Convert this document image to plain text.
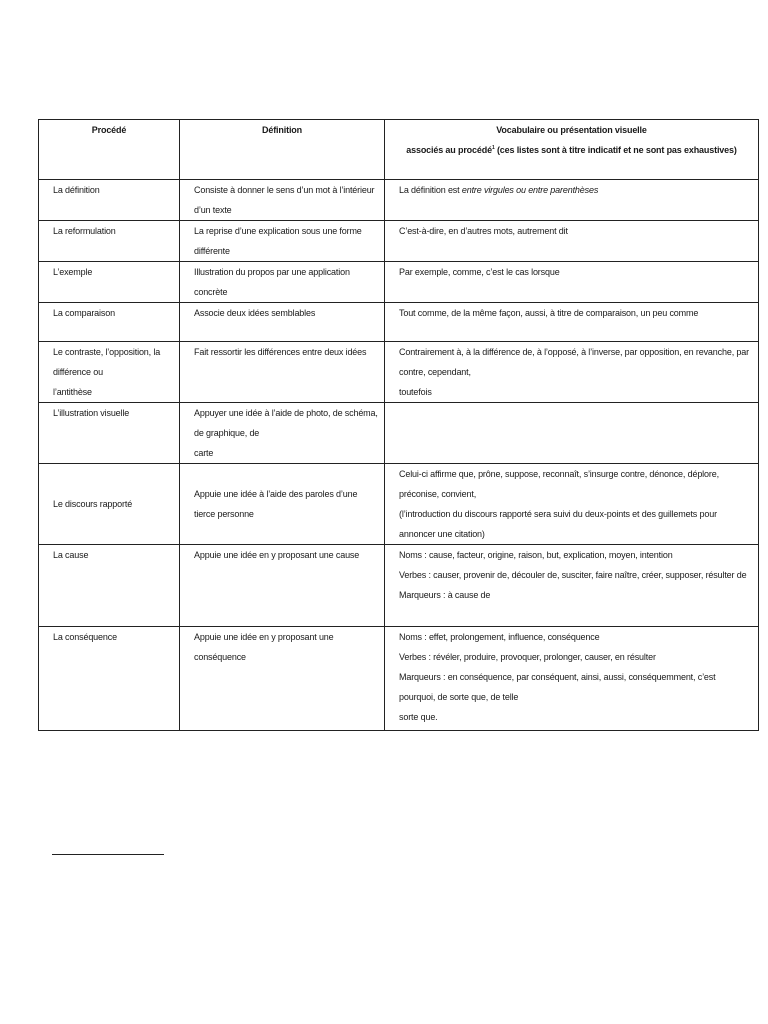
Procédé	Définition	Vocabulaire ou présentation visuelle
associés au procédé$^1$ (ces listes sont à titre indicatif et ne sont pas exhaustives)

La définition	Consiste à donner le sens d’un mot à l’intérieur d’un texte	La définition est entre virgules ou entre parenthèses
La reformulation	La reprise d’une explication sous une forme différente	C’est-à-dire, en d’autres mots, autrement dit
L’exemple	Illustration du propos par une application concrète	Par exemple, comme, c’est le cas lorsque
La comparaison	Associe deux idées semblables	Tout comme, de la même façon, aussi, à titre de comparaison, un peu comme

Le contraste, l’opposition, la différence ou
l’antithèse	Fait ressortir les différences entre deux idées	Contrairement à, à la différence de, à l’opposé, à l’inverse, par opposition, en revanche, par contre, cependant,
toutefois

L’illustration visuelle	Appuyer une idée à l’aide de photo, de schéma, de graphique, de
carte	

Le discours rapporté	Appuie une idée à l’aide des paroles d’une tierce personne	Celui-ci affirme que, prône, suppose, reconnaît, s’insurge contre, dénonce, déplore, préconise, convient,
(l’introduction du discours rapporté sera suivi du deux-points et des guillemets pour annoncer une citation)

La cause	Appuie une idée en y proposant une cause	Noms : cause, facteur, origine, raison, but, explication, moyen, intention
Verbes : causer, provenir de, découler de, susciter, faire naître, créer, supposer, résulter de
Marqueurs : à cause de

La conséquence	Appuie une idée en y proposant une conséquence	Noms : effet, prolongement, influence, conséquence
Verbes : révéler, produire, provoquer, prolonger, causer, en résulter
Marqueurs : en conséquence, par conséquent, ainsi, aussi, conséquemment, c’est pourquoi, de sorte que, de telle
sorte que.
